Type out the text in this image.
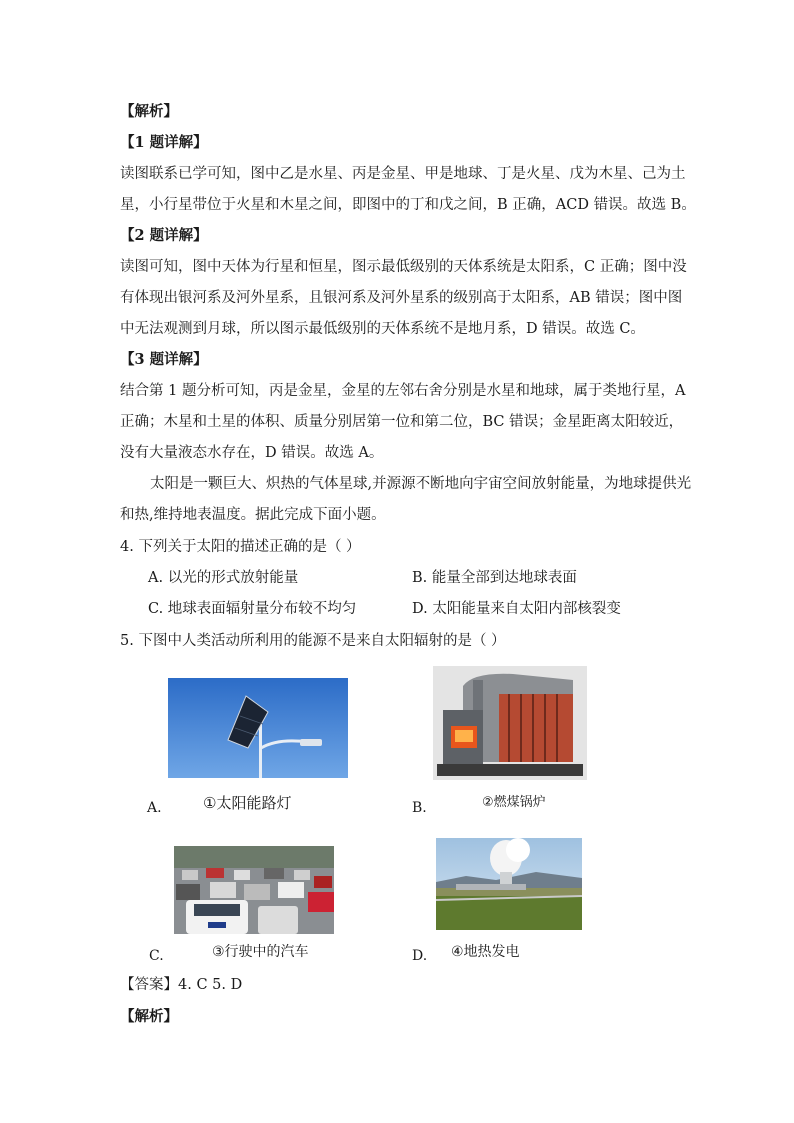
【解析】
【1 题详解】
读图联系已学可知，图中乙是水星、丙是金星、甲是地球、丁是火星、戊为木星、己为土
星，小行星带位于火星和木星之间，即图中的丁和戊之间，B 正确，ACD 错误。故选 B。
【2 题详解】
读图可知，图中天体为行星和恒星，图示最低级别的天体系统是太阳系，C 正确；图中没
有体现出银河系及河外星系，且银河系及河外星系的级别高于太阳系，AB 错误；图中图
中无法观测到月球，所以图示最低级别的天体系统不是地月系，D 错误。故选 C。
【3 题详解】
结合第 1 题分析可知，丙是金星，金星的左邻右舍分别是水星和地球，属于类地行星，A
正确；木星和土星的体积、质量分别居第一位和第二位，BC 错误；金星距离太阳较近，
没有大量液态水存在，D 错误。故选 A。
太阳是一颗巨大、炽热的气体星球,并源源不断地向宇宙空间放射能量，为地球提供光
和热,维持地表温度。据此完成下面小题。
4. 下列关于太阳的描述正确的是（ ）
A. 以光的形式放射能量	B. 能量全部到达地球表面
C. 地球表面辐射量分布较不均匀	D. 太阳能量来自太阳内部核裂变
5. 下图中人类活动所利用的能源不是来自太阳辐射的是（ ）
A.	①太阳能路灯	B.	②燃煤锅炉
C.	③行驶中的汽车	D. ④地热发电
【答案】4. C 5. D
【解析】
